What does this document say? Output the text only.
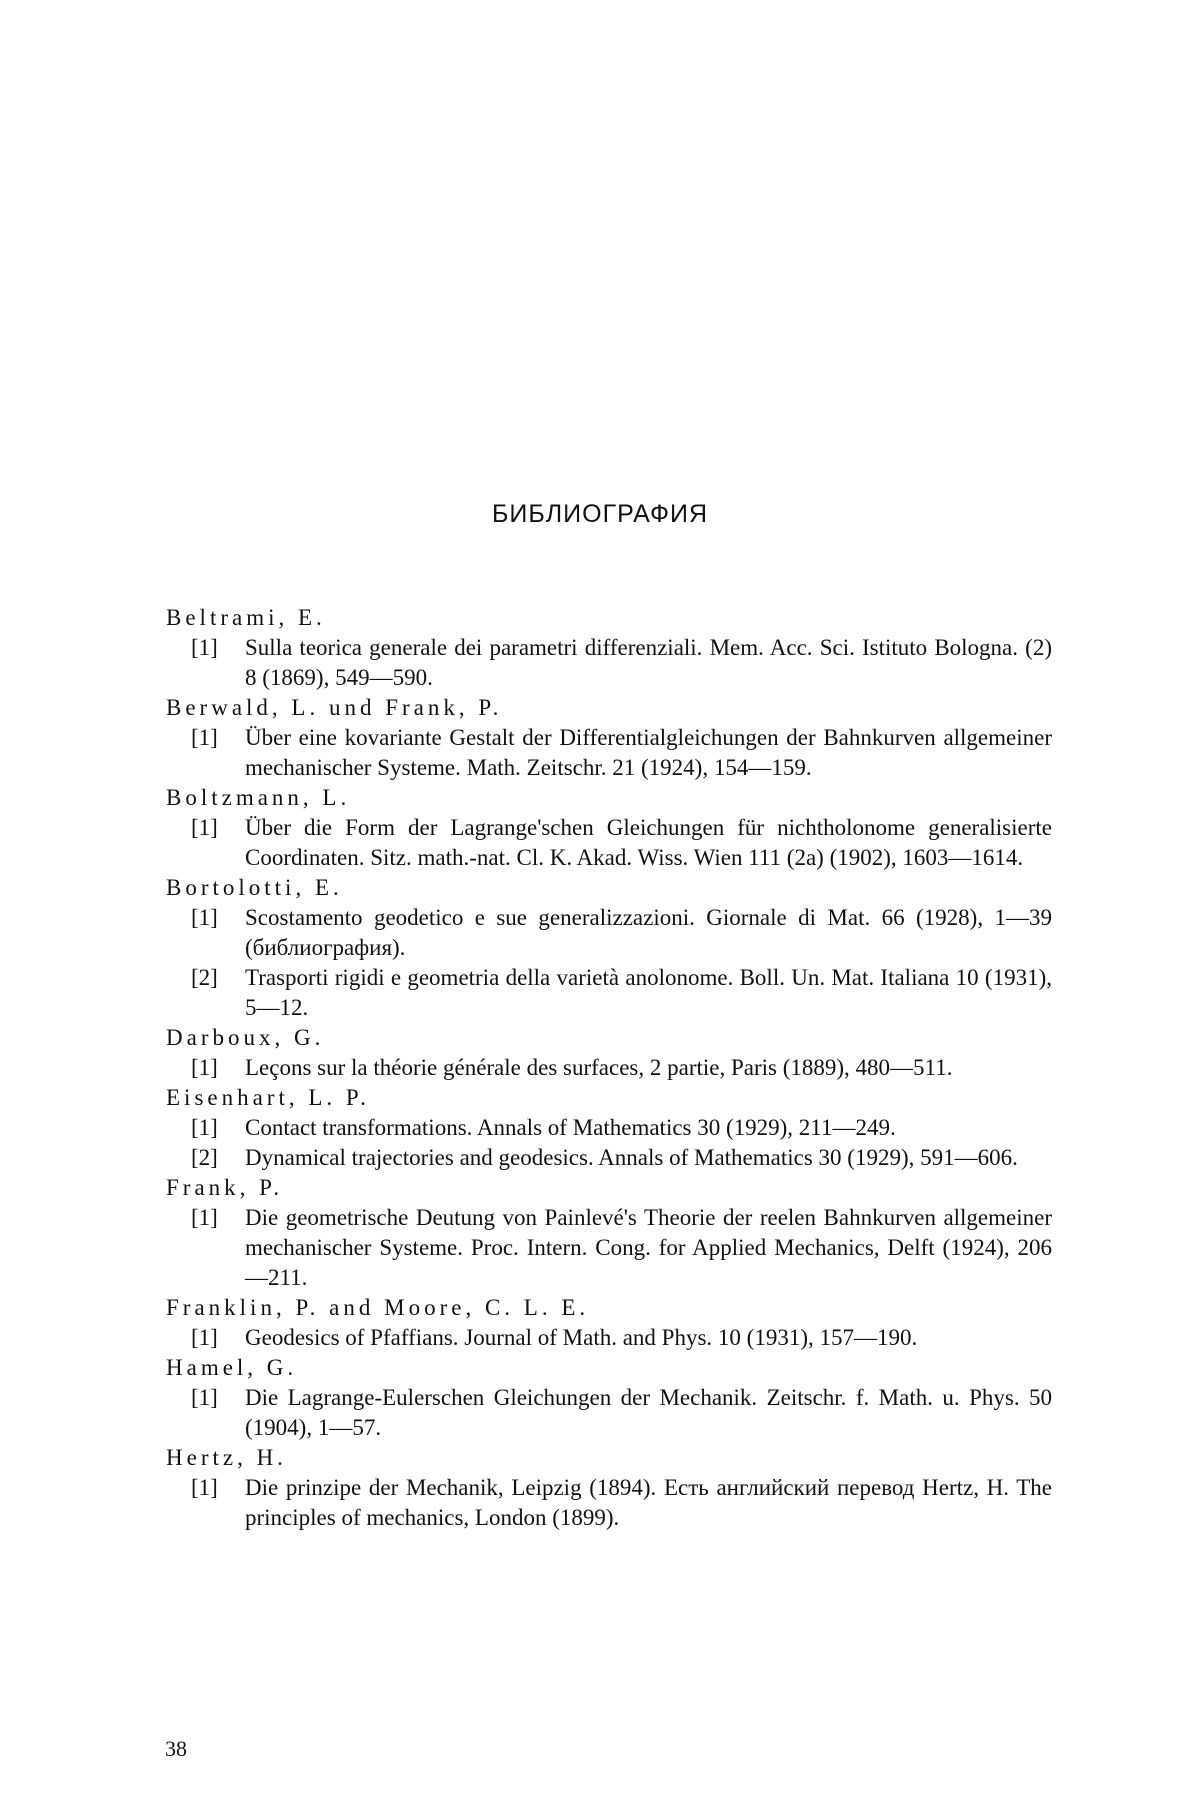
БИБЛИОГРАФИЯ
Beltrami, E.
[1] Sulla teorica generale dei parametri differenziali. Mem. Acc. Sci. Istituto Bologna. (2) 8 (1869), 549—590.
Berwald, L. und Frank, P.
[1] Über eine kovariante Gestalt der Differentialgleichungen der Bahnkurven allgemeiner mechanischer Systeme. Math. Zeitschr. 21 (1924), 154—159.
Boltzmann, L.
[1] Über die Form der Lagrange'schen Gleichungen für nichtholonome generalisierte Coordinaten. Sitz. math.-nat. Cl. K. Akad. Wiss. Wien 111 (2a) (1902), 1603—1614.
Bortolotti, E.
[1] Scostamento geodetico e sue generalizzazioni. Giornale di Mat. 66 (1928), 1—39 (библиография).
[2] Trasporti rigidi e geometria della varietà anolonome. Boll. Un. Mat. Italiana 10 (1931), 5—12.
Darboux, G.
[1] Leçons sur la théorie générale des surfaces, 2 partie, Paris (1889), 480—511.
Eisenhart, L. P.
[1] Contact transformations. Annals of Mathematics 30 (1929), 211—249.
[2] Dynamical trajectories and geodesics. Annals of Mathematics 30 (1929), 591—606.
Frank, P.
[1] Die geometrische Deutung von Painlevé's Theorie der reelen Bahnkurven allgemeiner mechanischer Systeme. Proc. Intern. Cong. for Applied Mechanics, Delft (1924), 206—211.
Franklin, P. and Moore, C. L. E.
[1] Geodesics of Pfaffians. Journal of Math. and Phys. 10 (1931), 157—190.
Hamel, G.
[1] Die Lagrange-Eulerschen Gleichungen der Mechanik. Zeitschr. f. Math. u. Phys. 50 (1904), 1—57.
Hertz, H.
[1] Die prinzipe der Mechanik, Leipzig (1894). Есть английский перевод Hertz, H. The principles of mechanics, London (1899).
38
